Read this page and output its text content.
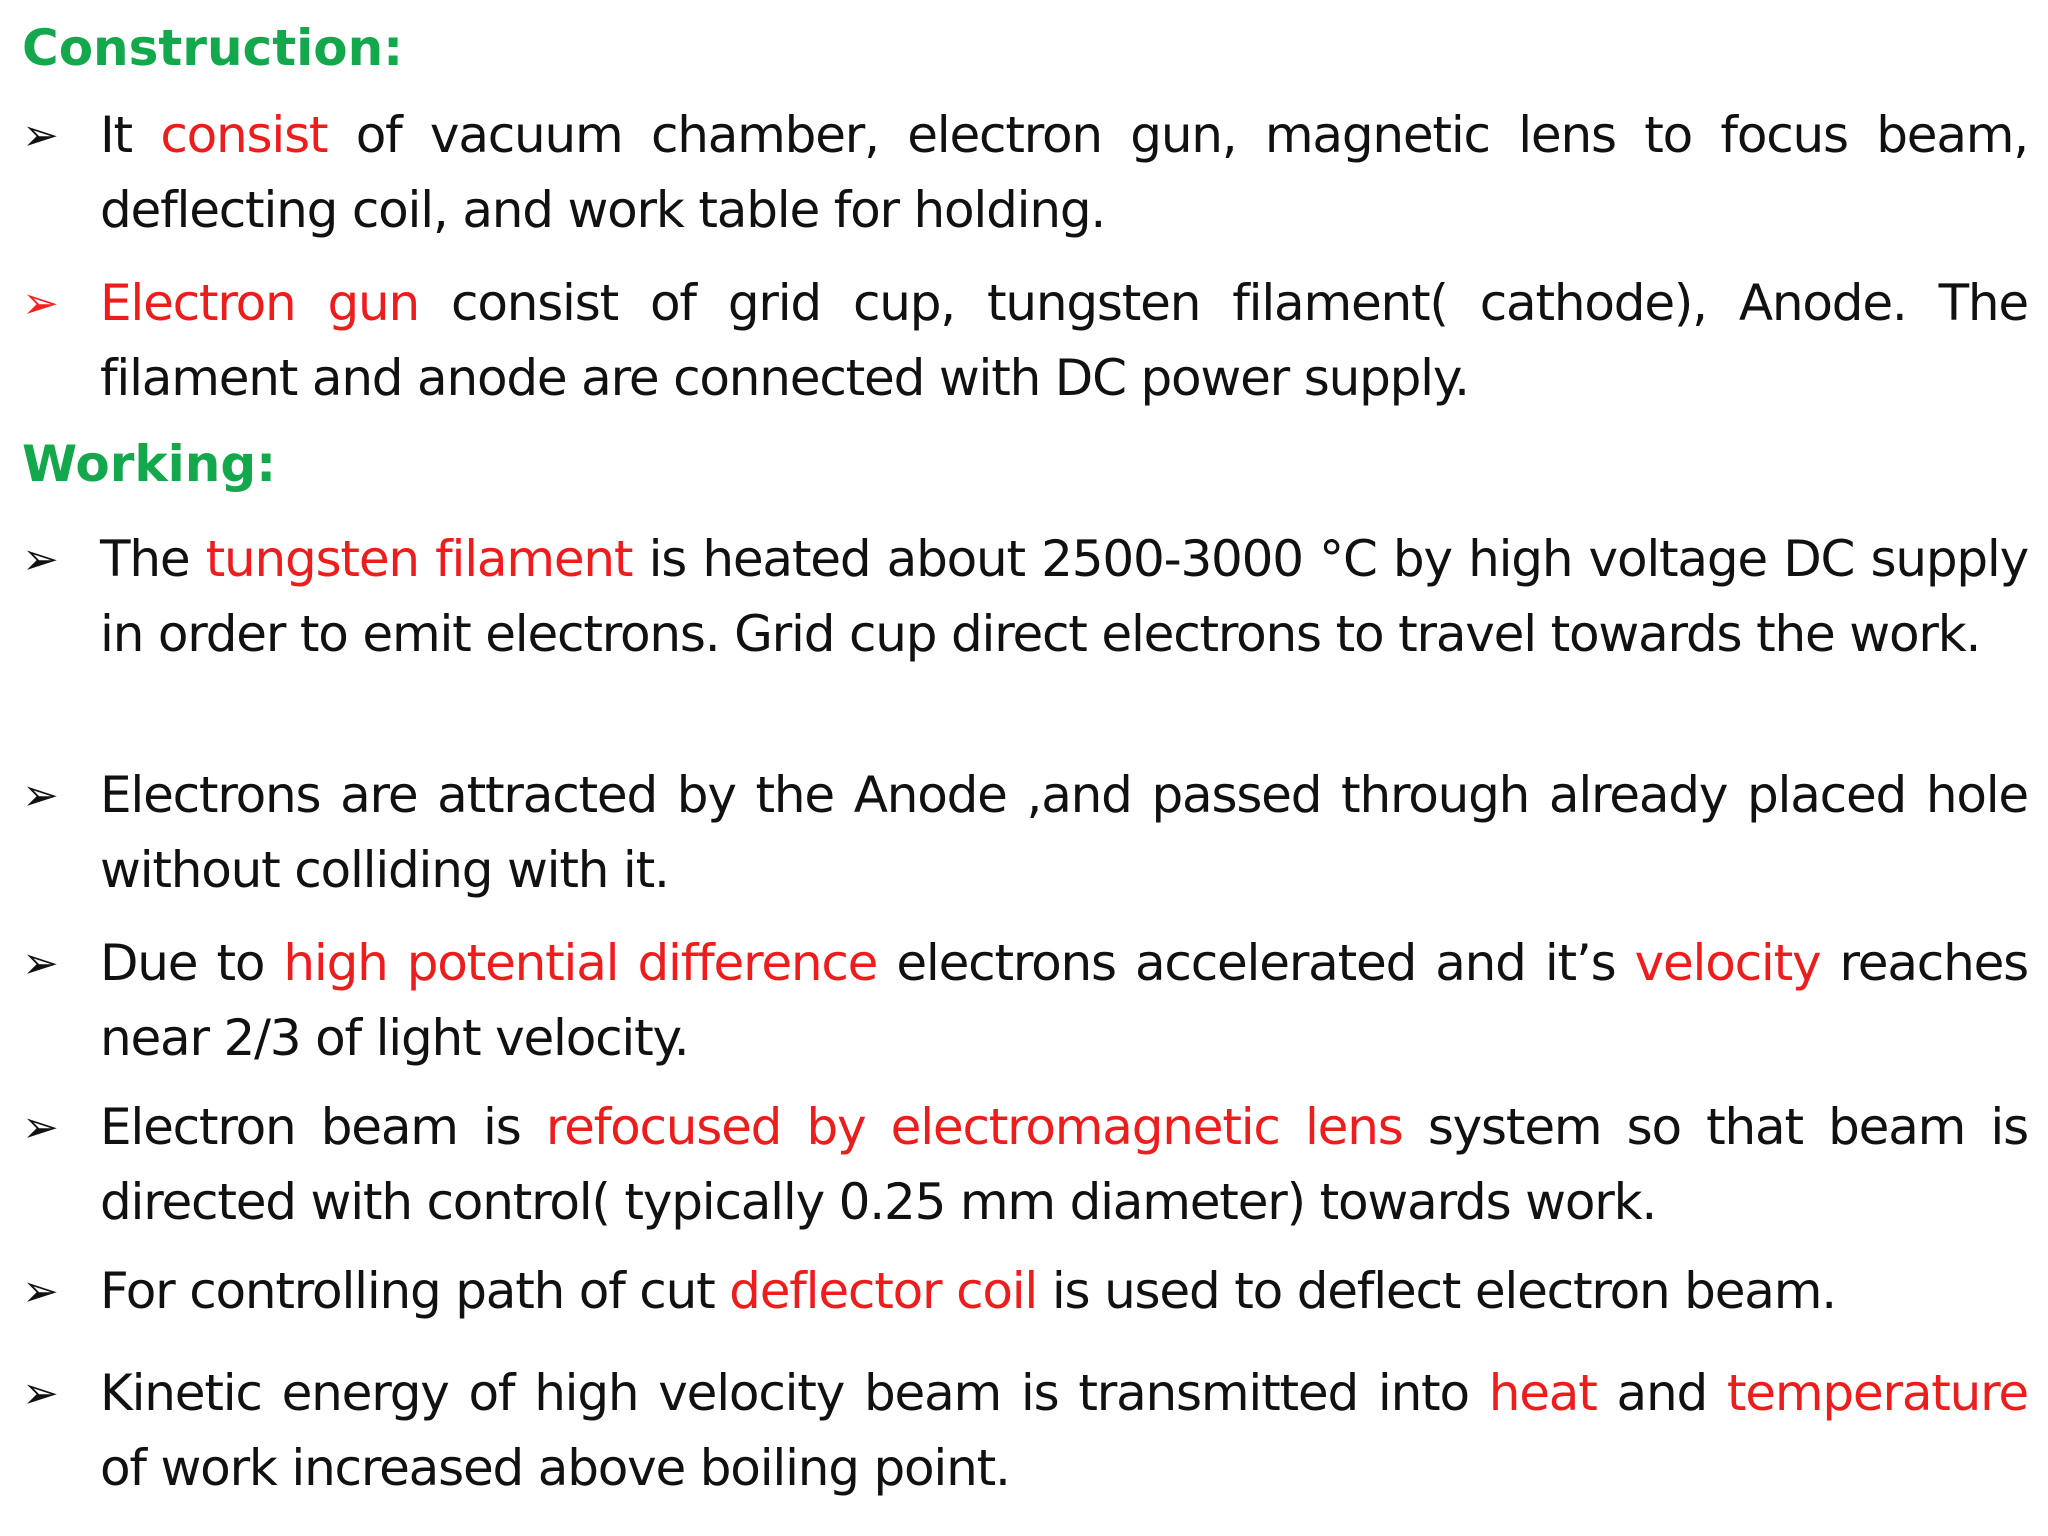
Construction:
➢ It consist of vacuum chamber, electron gun, magnetic lens to focus beam, deflecting coil, and work table for holding.
➢ Electron gun consist of grid cup, tungsten filament( cathode), Anode. The filament and anode are connected with DC power supply.
Working:
➢ The tungsten filament is heated about 2500-3000 °C by high voltage DC supply in order to emit electrons. Grid cup direct electrons to travel towards the work.
➢ Electrons are attracted by the Anode ,and passed through already placed hole without colliding with it.
➢ Due to high potential difference electrons accelerated and it’s velocity reaches near 2/3 of light velocity.
➢ Electron beam is refocused by electromagnetic lens system so that beam is directed with control( typically 0.25 mm diameter) towards work.
➢ For controlling path of cut deflector coil is used to deflect electron beam.
➢ Kinetic energy of high velocity beam is transmitted into heat and temperature of work increased above boiling point.
